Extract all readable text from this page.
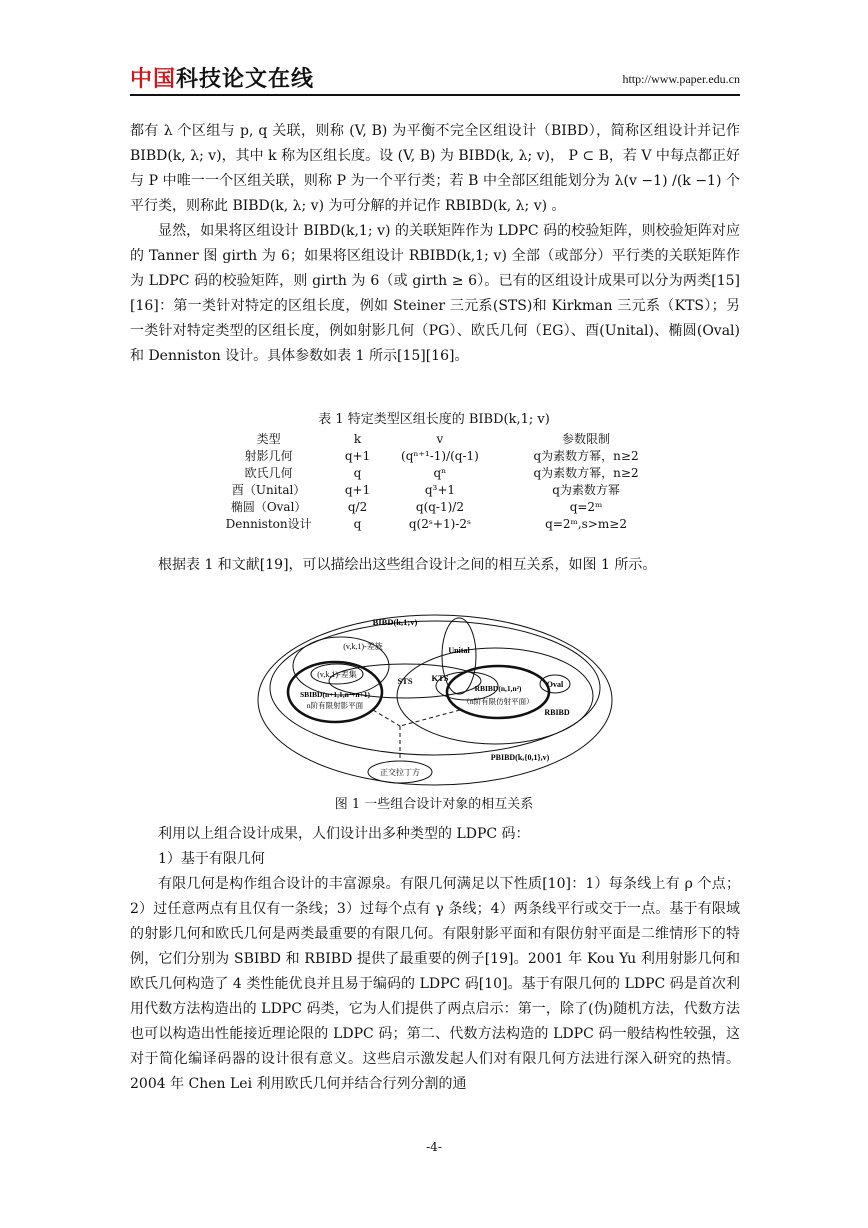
中国科技论文在线	http://www.paper.edu.cn

都有 λ 个区组与 p, q 关联，则称 (V, B) 为平衡不完全区组设计（BIBD），简称区组设计并记作 BIBD(k, λ; v)，其中 k 称为区组长度。设 (V, B) 为 BIBD(k, λ; v)， P ⊂ B，若 V 中每点都正好与 P 中唯一一个区组关联，则称 P 为一个平行类；若 B 中全部区组能划分为 λ(v −1) /(k −1) 个平行类，则称此 BIBD(k, λ; v) 为可分解的并记作 RBIBD(k, λ; v) 。

显然，如果将区组设计 BIBD(k,1; v) 的关联矩阵作为 LDPC 码的校验矩阵，则校验矩阵对应的 Tanner 图 girth 为 6；如果将区组设计 RBIBD(k,1; v) 全部（或部分）平行类的关联矩阵作为 LDPC 码的校验矩阵，则 girth 为 6（或 girth ≥ 6）。已有的区组设计成果可以分为两类[15][16]：第一类针对特定的区组长度，例如 Steiner 三元系(STS)和 Kirkman 三元系（KTS）；另一类针对特定类型的区组长度，例如射影几何（PG）、欧氏几何（EG）、酉(Unital)、椭圆(Oval)和 Denniston 设计。具体参数如表 1 所示[15][16]。

表 1 特定类型区组长度的 BIBD(k,1; v)
类型	k	v	参数限制
射影几何	q+1	(qⁿ⁺¹-1)/(q-1)	q为素数方幂，n≥2
欧氏几何	q	qⁿ	q为素数方幂，n≥2
酉（Unital）	q+1	q³+1	q为素数方幂
椭圆（Oval）	q/2	q(q-1)/2	q=2ᵐ
Denniston设计	q	q(2ˢ+1)-2ˢ	q=2ᵐ,s>m≥2

根据表 1 和文献[19]，可以描绘出这些组合设计之间的相互关系，如图 1 所示。

BIBD(k,1;v)
(v,k,1)-差族
(v,k,1)-差集
Unital
STS KTS
Oval
SBIBD(n+1,1,n²+n+1)
n阶有限射影平面
RBIBD(n,1,n²)
（n阶有限仿射平面）
RBIBD
PBIBD(k,{0,1},v)
正交拉丁方
图 1 一些组合设计对象的相互关系

利用以上组合设计成果，人们设计出多种类型的 LDPC 码：

1）基于有限几何

有限几何是构作组合设计的丰富源泉。有限几何满足以下性质[10]：1）每条线上有 ρ 个点；2）过任意两点有且仅有一条线；3）过每个点有 γ 条线；4）两条线平行或交于一点。基于有限域的射影几何和欧氏几何是两类最重要的有限几何。有限射影平面和有限仿射平面是二维情形下的特例，它们分别为 SBIBD 和 RBIBD 提供了最重要的例子[19]。2001 年 Kou Yu 利用射影几何和欧氏几何构造了 4 类性能优良并且易于编码的 LDPC 码[10]。基于有限几何的 LDPC 码是首次利用代数方法构造出的 LDPC 码类，它为人们提供了两点启示：第一，除了(伪)随机方法，代数方法也可以构造出性能接近理论限的 LDPC 码；第二、代数方法构造的 LDPC 码一般结构性较强，这对于简化编译码器的设计很有意义。这些启示激发起人们对有限几何方法进行深入研究的热情。2004 年 Chen Lei 利用欧氏几何并结合行列分割的通

-4-
